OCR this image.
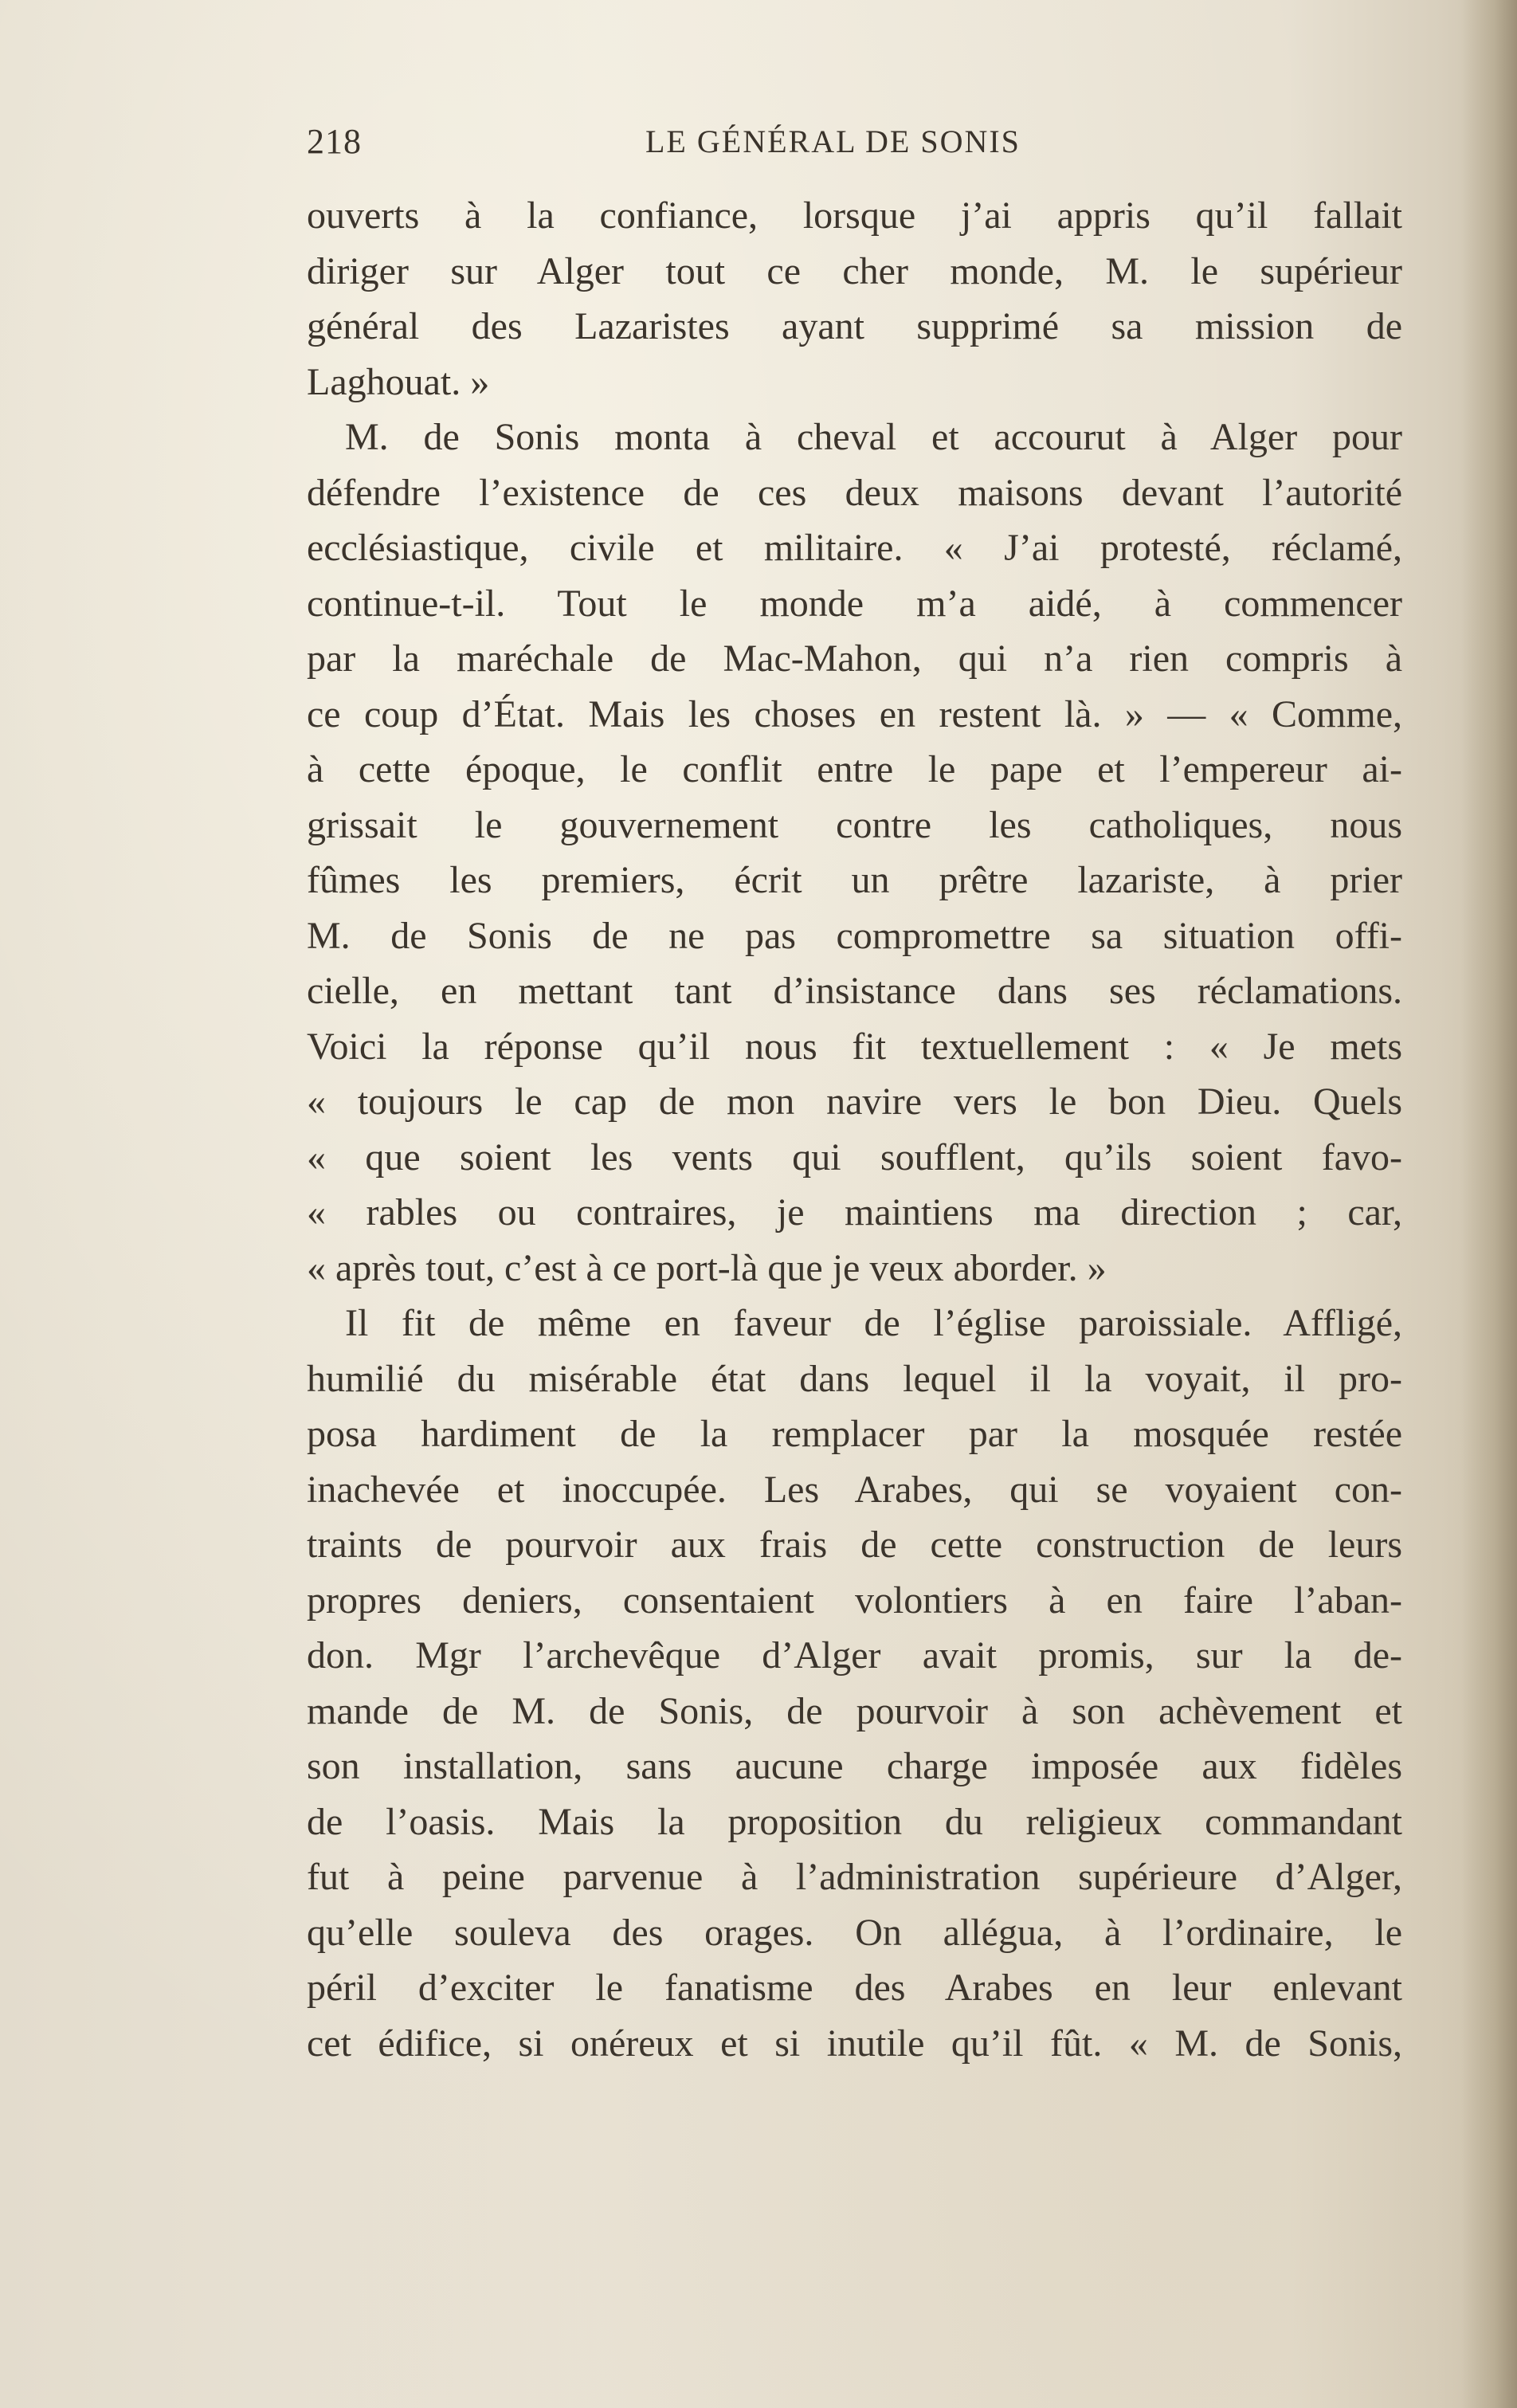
218	LE GÉNÉRAL DE SONIS
ouverts à la confiance, lorsque j’ai appris qu’il fallait
diriger sur Alger tout ce cher monde, M. le supérieur
général des Lazaristes ayant supprimé sa mission de
Laghouat. »
M. de Sonis monta à cheval et accourut à Alger pour
défendre l’existence de ces deux maisons devant l’autorité
ecclésiastique, civile et militaire. « J’ai protesté, réclamé,
continue-t-il. Tout le monde m’a aidé, à commencer
par la maréchale de Mac-Mahon, qui n’a rien compris à
ce coup d’État. Mais les choses en restent là. » — « Comme,
à cette époque, le conflit entre le pape et l’empereur ai-
grissait le gouvernement contre les catholiques, nous
fûmes les premiers, écrit un prêtre lazariste, à prier
M. de Sonis de ne pas compromettre sa situation offi-
cielle, en mettant tant d’insistance dans ses réclamations.
Voici la réponse qu’il nous fit textuellement : « Je mets
« toujours le cap de mon navire vers le bon Dieu. Quels
« que soient les vents qui soufflent, qu’ils soient favo-
« rables ou contraires, je maintiens ma direction ; car,
« après tout, c’est à ce port-là que je veux aborder. »
Il fit de même en faveur de l’église paroissiale. Affligé,
humilié du misérable état dans lequel il la voyait, il pro-
posa hardiment de la remplacer par la mosquée restée
inachevée et inoccupée. Les Arabes, qui se voyaient con-
traints de pourvoir aux frais de cette construction de leurs
propres deniers, consentaient volontiers à en faire l’aban-
don. Mgr l’archevêque d’Alger avait promis, sur la de-
mande de M. de Sonis, de pourvoir à son achèvement et
son installation, sans aucune charge imposée aux fidèles
de l’oasis. Mais la proposition du religieux commandant
fut à peine parvenue à l’administration supérieure d’Alger,
qu’elle souleva des orages. On allégua, à l’ordinaire, le
péril d’exciter le fanatisme des Arabes en leur enlevant
cet édifice, si onéreux et si inutile qu’il fût. « M. de Sonis,
